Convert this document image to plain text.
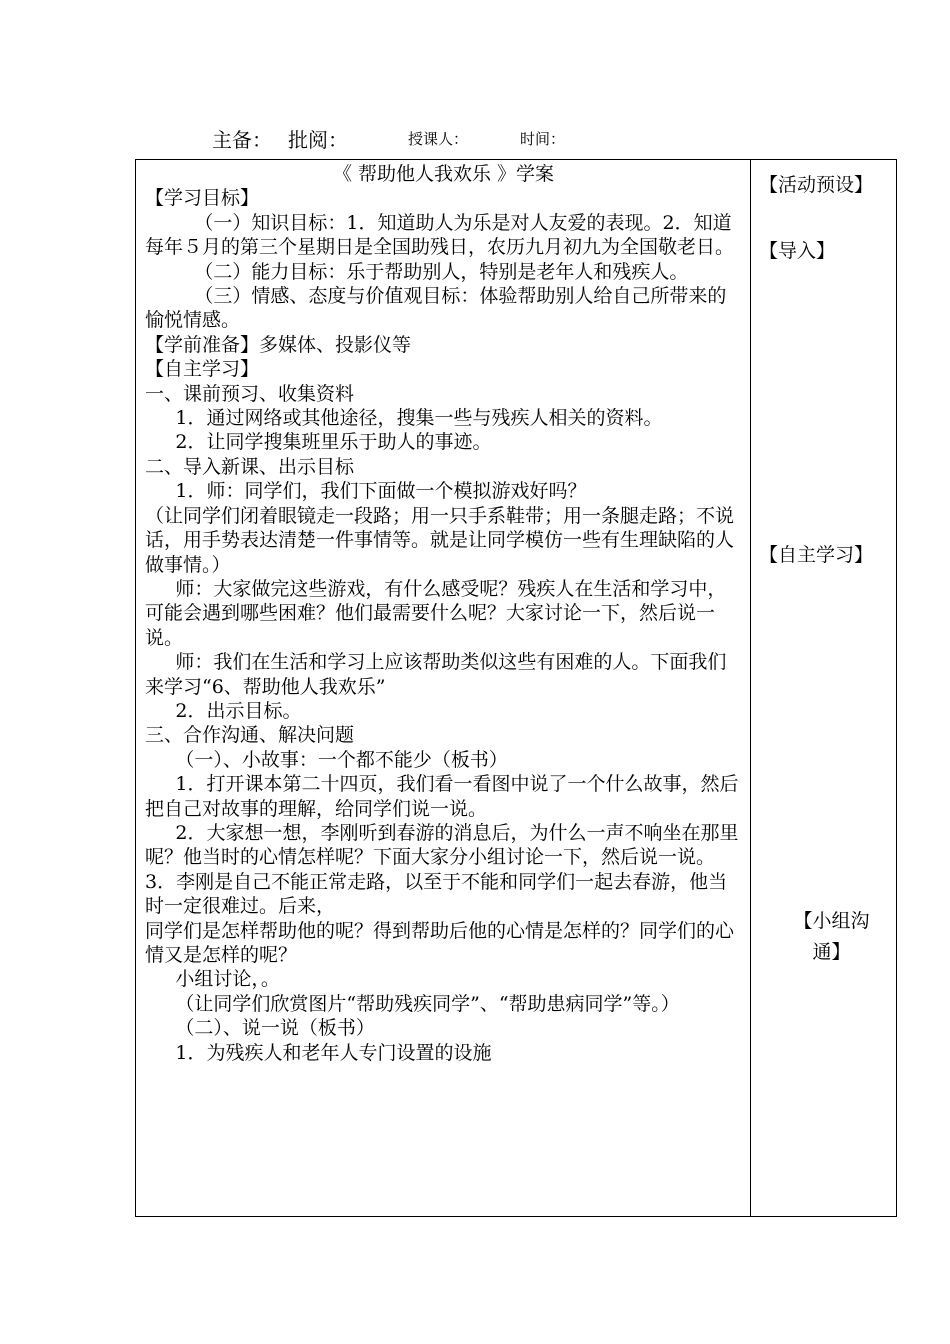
主备： 批阅：	授课人：	时间：
《 帮助他人我欢乐 》学案
【学习目标】
（一）知识目标：1．知道助人为乐是对人友爱的表现。2．知道每年５月的第三个星期日是全国助残日，农历九月初九为全国敬老日。
（二）能力目标：乐于帮助别人，特别是老年人和残疾人。
（三）情感、态度与价值观目标：体验帮助别人给自己所带来的愉悦情感。
【学前准备】多媒体、投影仪等
【自主学习】
一、课前预习、收集资料
1．通过网络或其他途径，搜集一些与残疾人相关的资料。
2．让同学搜集班里乐于助人的事迹。
二、导入新课、出示目标
1．师：同学们，我们下面做一个模拟游戏好吗？
（让同学们闭着眼镜走一段路；用一只手系鞋带；用一条腿走路；不说话，用手势表达清楚一件事情等。就是让同学模仿一些有生理缺陷的人做事情。）
师：大家做完这些游戏，有什么感受呢？残疾人在生活和学习中，可能会遇到哪些困难？他们最需要什么呢？大家讨论一下，然后说一说。
师：我们在生活和学习上应该帮助类似这些有困难的人。下面我们来学习“6、帮助他人我欢乐”
2．出示目标。
三、合作沟通、解决问题
（一）、小故事：一个都不能少（板书）
1．打开课本第二十四页，我们看一看图中说了一个什么故事，然后把自己对故事的理解，给同学们说一说。
2．大家想一想，李刚听到春游的消息后，为什么一声不响坐在那里呢？他当时的心情怎样呢？下面大家分小组讨论一下，然后说一说。
3．李刚是自己不能正常走路，以至于不能和同学们一起去春游，他当时一定很难过。后来，
同学们是怎样帮助他的呢？得到帮助后他的心情是怎样的？同学们的心情又是怎样的呢？
小组讨论，。
（让同学们欣赏图片“帮助残疾同学”、“帮助患病同学”等。）
（二）、说一说（板书）
1．为残疾人和老年人专门设置的设施

【活动预设】
【导入】
【自主学习】
【小组沟通】
